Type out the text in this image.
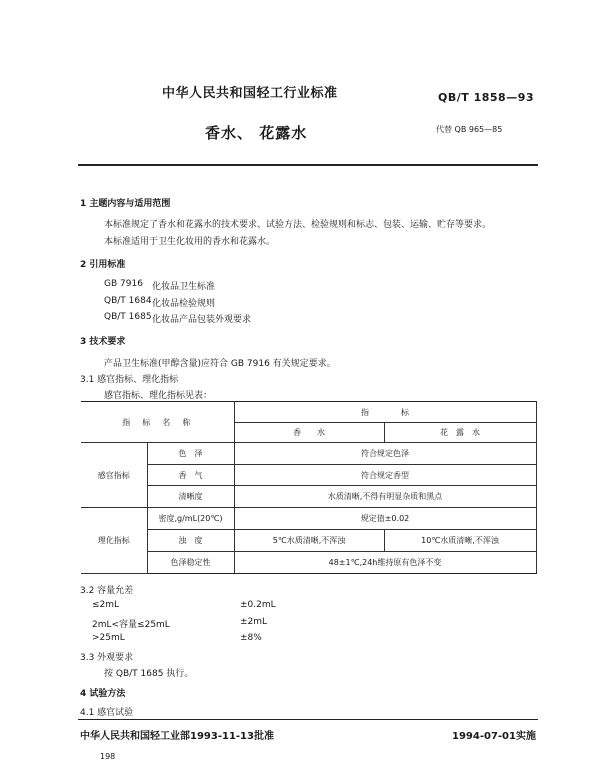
中华人民共和国轻工行业标准	QB/T 1858—93
香水、 花露水	代替 QB 965—85
1 主题内容与适用范围
本标准规定了香水和花露水的技术要求、试验方法、检验规则和标志、包装、运输、贮存等要求。
本标准适用于卫生化妆用的香水和花露水。
2 引用标准
GB 7916 化妆品卫生标准
QB/T 1684 化妆品检验规则
QB/T 1685 化妆品产品包装外观要求
3 技术要求
产品卫生标准(甲醇含量)应符合 GB 7916 有关规定要求。
3.1 感官指标、理化指标
感官指标、理化指标见表：
指　标　名　称		指　　　　标	
		香　　水	花　露　水
感官指标	色　泽	符合规定色泽	
	香　气	符合规定香型	
	清晰度	水质清晰,不得有明显杂质和黑点	
理化指标	密度,g/mL(20℃)	规定值±0.02	
	浊　度	5℃水质清晰,不浑浊	10℃水质清晰,不浑浊
	色泽稳定性	48±1℃,24h维持原有色泽不变	
3.2 容量允差
≤2mL	±0.2mL
2mL<容量≤25mL	±2mL
>25mL	±8%
3.3 外观要求
按 QB/T 1685 执行。
4 试验方法
4.1 感官试验
中华人民共和国轻工业部1993-11-13批准	1994-07-01实施
198
